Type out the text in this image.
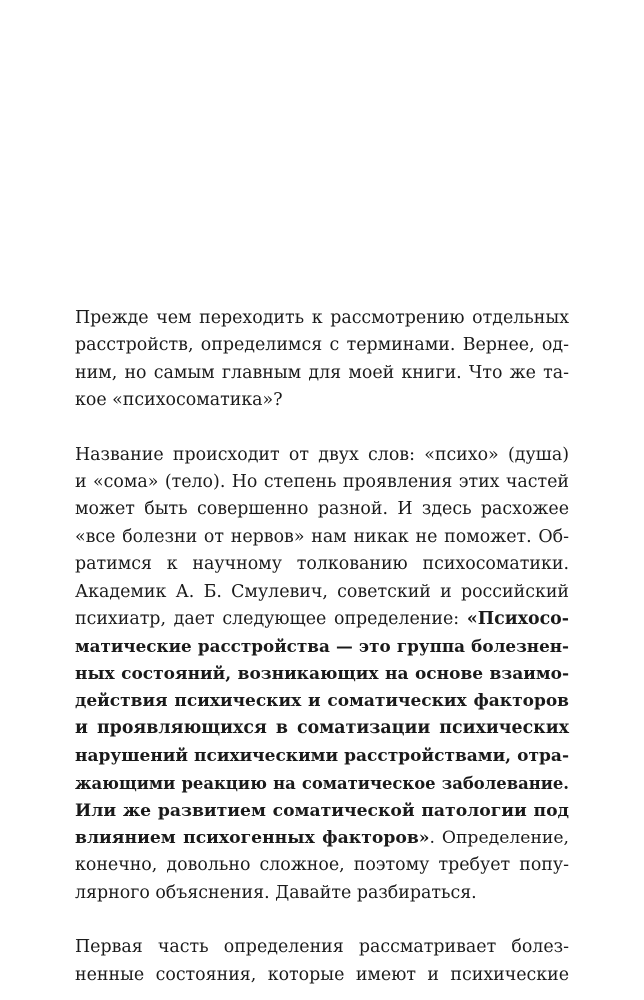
Прежде чем переходить к рассмотрению отдельных
расстройств, определимся с терминами. Вернее, од-
ним, но самым главным для моей книги. Что же та-
кое «психосоматика»?
Название происходит от двух слов: «психо» (душа)
и «сома» (тело). Но степень проявления этих частей
может быть совершенно разной. И здесь расхожее
«все болезни от нервов» нам никак не поможет. Об-
ратимся к научному толкованию психосоматики.
Академик А. Б. Смулевич, советский и российский
психиатр, дает следующее определение: «Психосо-
матические расстройства — это группа болезнен-
ных состояний, возникающих на основе взаимо-
действия психических и соматических факторов
и проявляющихся в соматизации психических
нарушений психическими расстройствами, отра-
жающими реакцию на соматическое заболевание.
Или же развитием соматической патологии под
влиянием психогенных факторов». Определение,
конечно, довольно сложное, поэтому требует попу-
лярного объяснения. Давайте разбираться.
Первая часть определения рассматривает болез-
ненные состояния, которые имеют и психические
